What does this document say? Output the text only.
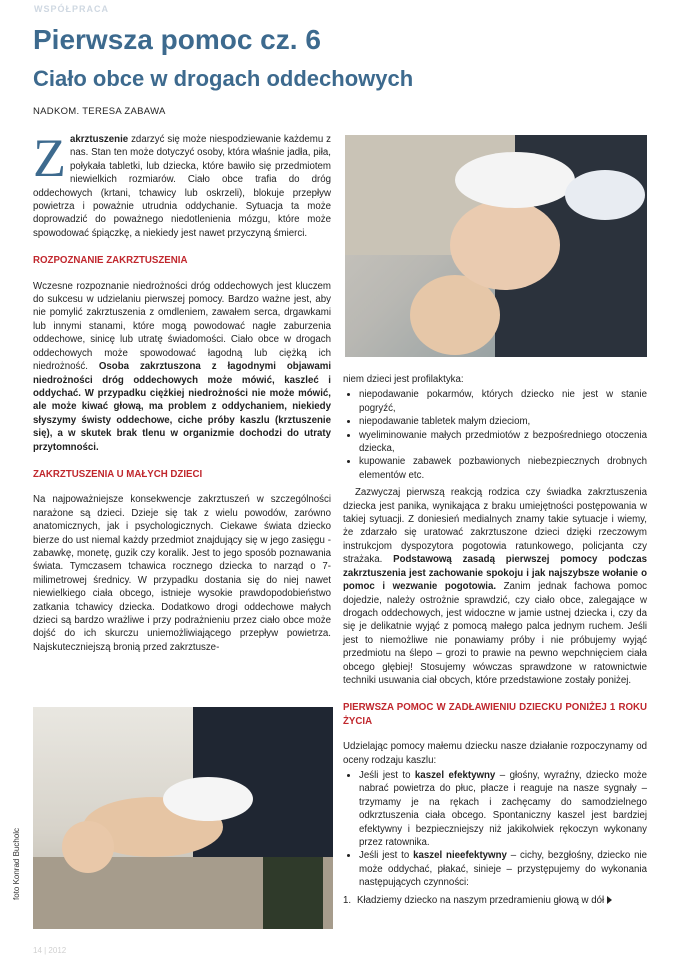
WSPÓŁPRACA
Pierwsza pomoc cz. 6
Ciało obce w drogach oddechowych
NADKOM. TERESA ZABAWA

Zakrztuszenie zdarzyć się może niespodziewanie każdemu z nas. Stan ten może dotyczyć osoby, która właśnie jadła, piła, połykała tabletki, lub dziecka, które bawiło się przedmiotem niewielkich rozmiarów. Ciało obce trafia do dróg oddechowych (krtani, tchawicy lub oskrzeli), blokuje przepływ powietrza i poważnie utrudnia oddychanie. Sytuacja ta może doprowadzić do poważnego niedotlenienia mózgu, które może spowodować śpiączkę, a niekiedy jest nawet przyczyną śmierci.

ROZPOZNANIE ZAKRZTUSZENIA

Wczesne rozpoznanie niedrożności dróg oddechowych jest kluczem do sukcesu w udzielaniu pierwszej pomocy. Bardzo ważne jest, aby nie pomylić zakrztuszenia z omdleniem, zawałem serca, drgawkami lub innymi stanami, które mogą powodować nagłe zaburzenia oddechowe, sinicę lub utratę świadomości. Ciało obce w drogach oddechowych może spowodować łagodną lub ciężką ich niedrożność. Osoba zakrztuszona z łagodnymi objawami niedrożności dróg oddechowych może mówić, kaszleć i oddychać. W przypadku ciężkiej niedrożności nie może mówić, ale może kiwać głową, ma problem z oddychaniem, niekiedy słyszymy świsty oddechowe, ciche próby kaszlu (krztuszenie się), a w skutek brak tlenu w organizmie dochodzi do utraty przytomności.

ZAKRZTUSZENIA U MAŁYCH DZIECI

Na najpoważniejsze konsekwencje zakrztuszeń w szczególności narażone są dzieci. Dzieje się tak z wielu powodów, zarówno anatomicznych, jak i psychologicznych. Ciekawe świata dziecko bierze do ust niemal każdy przedmiot znajdujący się w jego zasięgu - zabawkę, monetę, guzik czy koralik. Jest to jego sposób poznawania świata. Tymczasem tchawica rocznego dziecka to narząd o 7-milimetrowej średnicy. W przypadku dostania się do niej nawet niewielkiego ciała obcego, istnieje wysokie prawdopodobieństwo zatkania tchawicy dziecka. Dodatkowo drogi oddechowe małych dzieci są bardzo wrażliwe i przy podrażnieniu przez ciało obce może dojść do ich skurczu uniemożliwiającego przepływ powietrza. Najskuteczniejszą bronią przed zakrztusze-

niem dzieci jest profilaktyka:

• niepodawanie pokarmów, których dziecko nie jest w stanie pogryźć,
• niepodawanie tabletek małym dzieciom,
• wyeliminowanie małych przedmiotów z bezpośredniego otoczenia dziecka,
• kupowanie zabawek pozbawionych niebezpiecznych drobnych elementów etc.

Zazwyczaj pierwszą reakcją rodzica czy świadka zakrztuszenia dziecka jest panika, wynikająca z braku umiejętności postępowania w takiej sytuacji. Z doniesień medialnych znamy takie sytuacje i wiemy, że zdarzało się uratować zakrztuszone dzieci dzięki rzeczowym instrukcjom dyspozytora pogotowia ratunkowego, policjanta czy strażaka. Podstawową zasadą pierwszej pomocy podczas zakrztuszenia jest zachowanie spokoju i jak najszybsze wołanie o pomoc i wezwanie pogotowia. Zanim jednak fachowa pomoc dojedzie, należy ostrożnie sprawdzić, czy ciało obce, zalegające w drogach oddechowych, jest widoczne w jamie ustnej dziecka i, czy da się je delikatnie wyjąć z pomocą małego palca jednym ruchem. Jeśli jest to niemożliwe nie ponawiamy próby i nie próbujemy wyjąć przedmiotu na ślepo – grozi to prawie na pewno wepchnięciem ciała obcego głębiej! Stosujemy wówczas sprawdzone w ratownictwie techniki usuwania ciał obcych, które przedstawione zostały poniżej.

PIERWSZA POMOC W ZADŁAWIENIU DZIECKU PONIŻEJ 1 ROKU ŻYCIA

Udzielając pomocy małemu dziecku nasze działanie rozpoczynamy od oceny rodzaju kaszlu:

• Jeśli jest to kaszel efektywny – głośny, wyraźny, dziecko może nabrać powietrza do płuc, płacze i reaguje na nasze sygnały – trzymamy je na rękach i zachęcamy do samodzielnego odkrztuszenia ciała obcego. Spontaniczny kaszel jest bardziej efektywny i bezpieczniejszy niż jakikolwiek rękoczyn wykonany przez ratownika.
• Jeśli jest to kaszel nieefektywny – cichy, bezgłośny, dziecko nie może oddychać, płakać, sinieje – przystępujemy do wykonania następujących czynności:
1. Kładziemy dziecko na naszym przedramieniu głową w dół
foto Konrad Bucholc
14 | 2012
